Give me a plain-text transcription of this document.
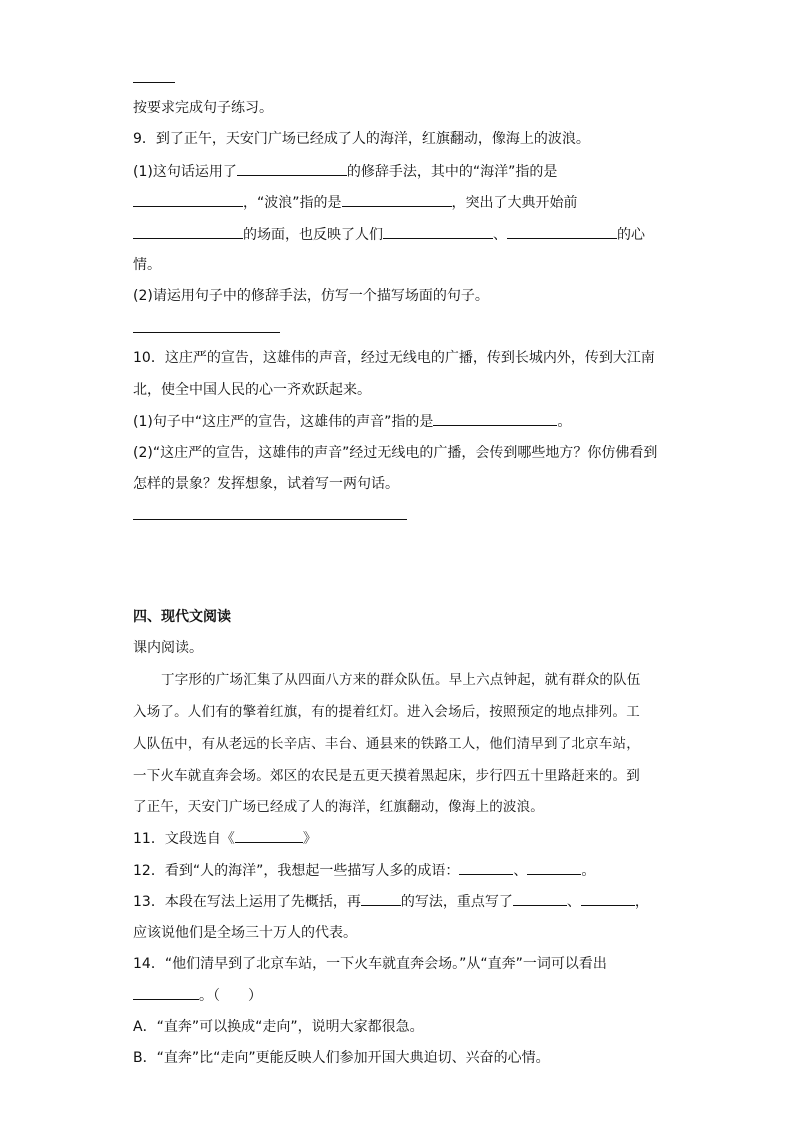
按要求完成句子练习。
9．到了正午，天安门广场已经成了人的海洋，红旗翻动，像海上的波浪。
(1)这句话运用了	的修辞手法，其中的“海洋”指的是
，“波浪”指的是	，突出了大典开始前
的场面，也反映了人们	、	的心
情。
(2)请运用句子中的修辞手法，仿写一个描写场面的句子。
10．这庄严的宣告，这雄伟的声音，经过无线电的广播，传到长城内外，传到大江南
北，使全中国人民的心一齐欢跃起来。
(1)句子中“这庄严的宣告，这雄伟的声音”指的是	。
(2)“这庄严的宣告，这雄伟的声音”经过无线电的广播，会传到哪些地方？你仿佛看到
怎样的景象？发挥想象，试着写一两句话。
四、现代文阅读
课内阅读。
丁字形的广场汇集了从四面八方来的群众队伍。早上六点钟起，就有群众的队伍
入场了。人们有的擎着红旗，有的提着红灯。进入会场后，按照预定的地点排列。工
人队伍中，有从老远的长辛店、丰台、通县来的铁路工人，他们清早到了北京车站，
一下火车就直奔会场。郊区的农民是五更天摸着黑起床，步行四五十里路赶来的。到
了正午，天安门广场已经成了人的海洋，红旗翻动，像海上的波浪。
11．文段选自《	》
12．看到“人的海洋”，我想起一些描写人多的成语：	、	。
13．本段在写法上运用了先概括，再	的写法，重点写了	、	，
应该说他们是全场三十万人的代表。
14．“他们清早到了北京车站，一下火车就直奔会场。”从“直奔”一词可以看出
。（　　）
A．“直奔”可以换成“走向”，说明大家都很急。
B．“直奔”比“走向”更能反映人们参加开国大典迫切、兴奋的心情。
